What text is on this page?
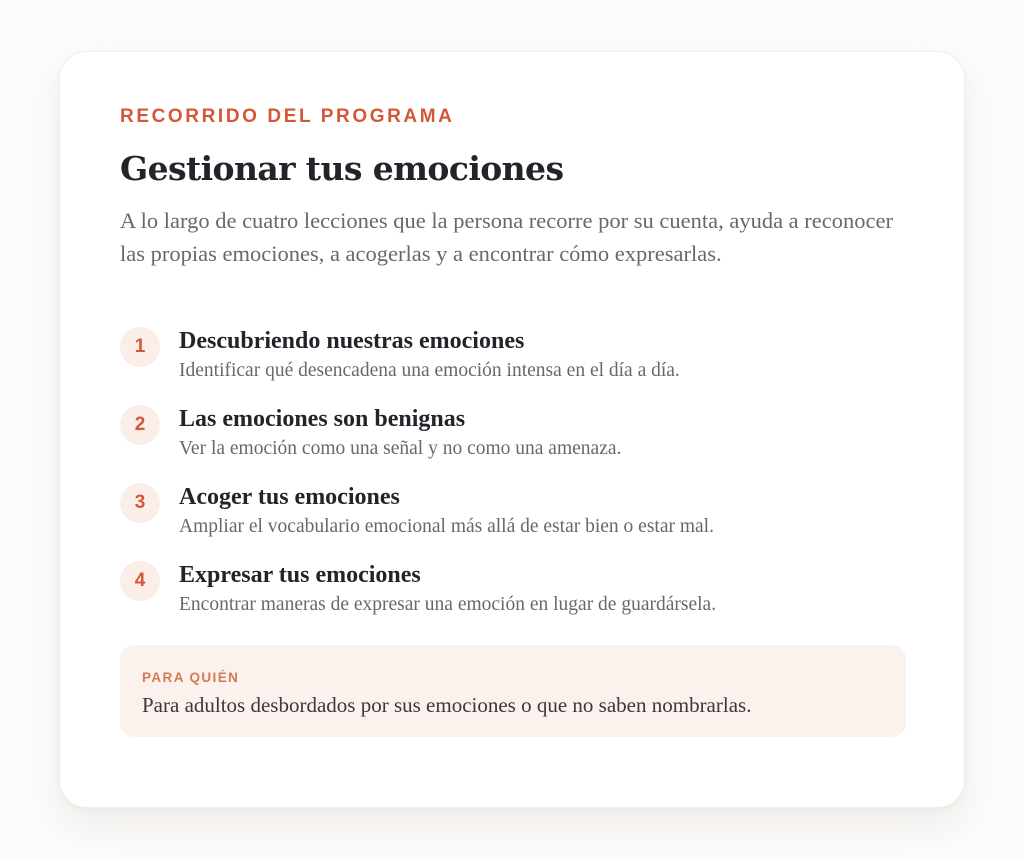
RECORRIDO DEL PROGRAMA

Gestionar tus emociones

A lo largo de cuatro lecciones que la persona recorre por su cuenta, ayuda a reconocer las propias emociones, a acogerlas y a encontrar cómo expresarlas.

1	Descubriendo nuestras emociones

Identificar qué desencadena una emoción intensa en el día a día.

2	Las emociones son benignas

Ver la emoción como una señal y no como una amenaza.

3	Acoger tus emociones

Ampliar el vocabulario emocional más allá de estar bien o estar mal.

4	Expresar tus emociones

Encontrar maneras de expresar una emoción en lugar de guardársela.

PARA QUIÉN

Para adultos desbordados por sus emociones o que no saben nombrarlas.
